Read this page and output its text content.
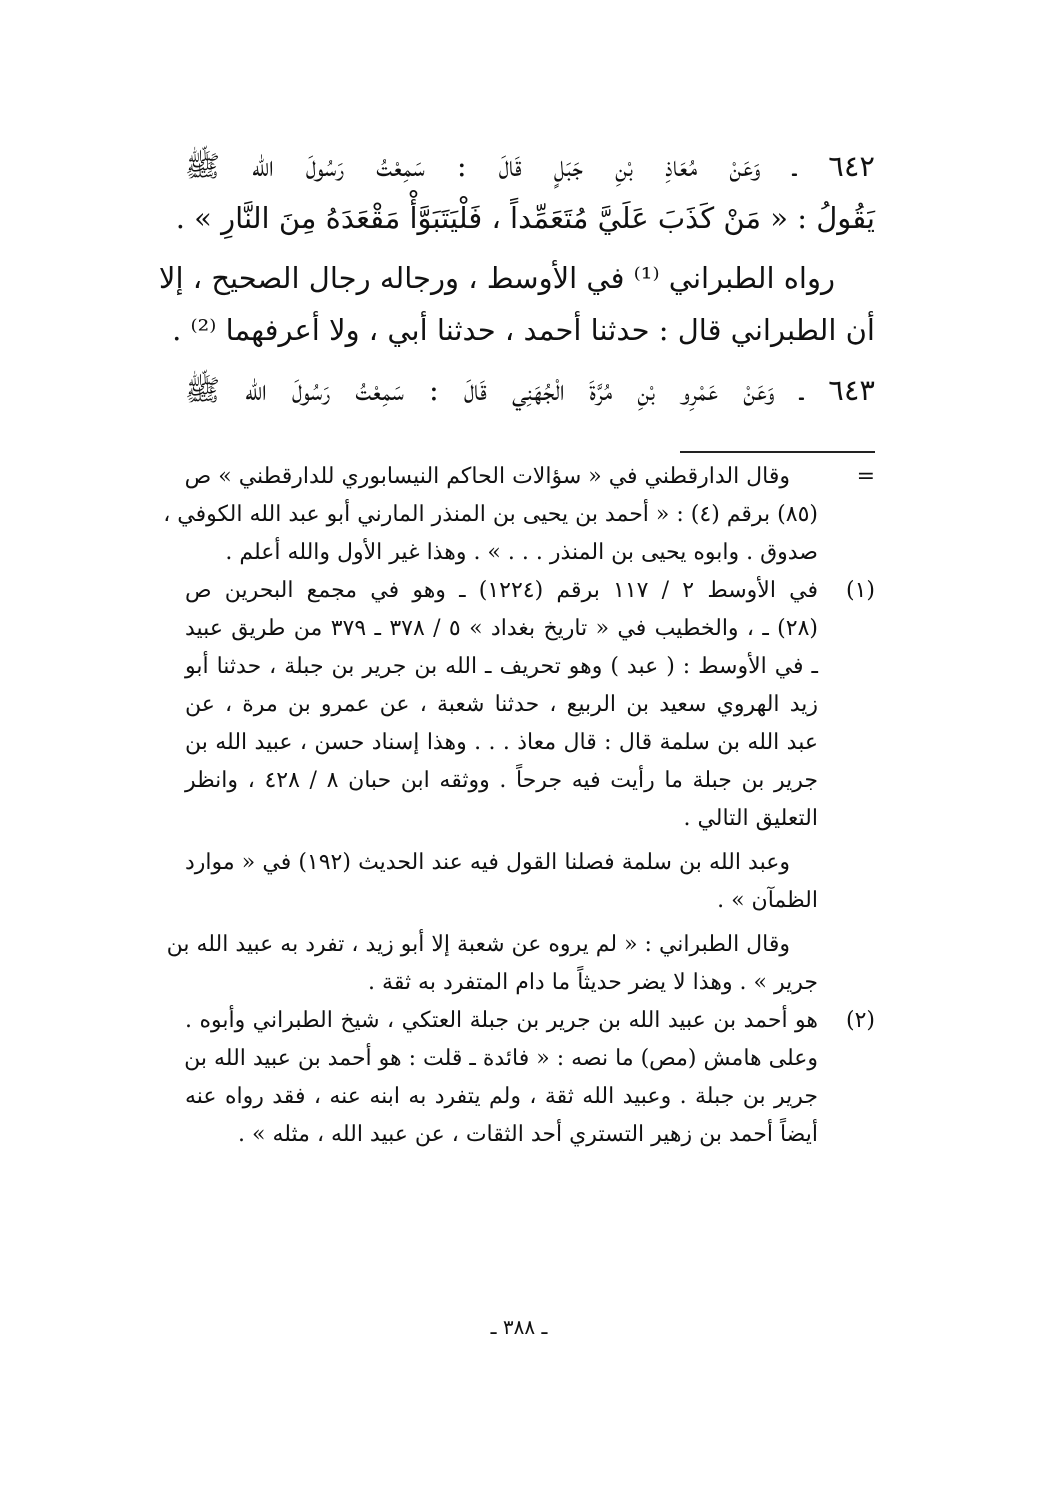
٦٤٢ ـ وَعَنْ مُعَاذِ بْنِ جَبَلٍ قَالَ : سَمِعْتُ رَسُولَ الله ﷺ
يَقُولُ : « مَنْ كَذَبَ عَلَيَّ مُتَعَمِّداً ، فَلْيَتَبَوَّأْ مَقْعَدَهُ مِنَ النَّارِ » .
رواه الطبراني ⁽¹⁾ في الأوسط ، ورجاله رجال الصحيح ، إلا
أن الطبراني قال : حدثنا أحمد ، حدثنا أبي ، ولا أعرفهما ⁽²⁾ .
٦٤٣ ـ وَعَنْ عَمْرِو بْنِ مُرَّةَ الْجُهَنِي قَالَ : سَمِعْتُ رَسُولَ الله ﷺ
=
وقال الدارقطني في « سؤالات الحاكم النيسابوري للدارقطني » ص
(٨٥) برقم (٤) : « أحمد بن يحيى بن المنذر المارني أبو عبد الله الكوفي ،
صدوق . وابوه يحيى بن المنذر . . . » . وهذا غير الأول والله أعلم .
(١)
في الأوسط ٢ / ١١٧ برقم (١٢٢٤) ـ وهو في مجمع البحرين ص
(٢٨) ـ ، والخطيب في « تاريخ بغداد » ٥ / ٣٧٨ ـ ٣٧٩ من طريق عبيد
ـ في الأوسط : ( عبد ) وهو تحريف ـ الله بن جرير بن جبلة ، حدثنا أبو
زيد الهروي سعيد بن الربيع ، حدثنا شعبة ، عن عمرو بن مرة ، عن
عبد الله بن سلمة قال : قال معاذ . . . وهذا إسناد حسن ، عبيد الله بن
جرير بن جبلة ما رأيت فيه جرحاً . ووثقه ابن حبان ٨ / ٤٢٨ ، وانظر
التعليق التالي .
وعبد الله بن سلمة فصلنا القول فيه عند الحديث (١٩٢) في « موارد
الظمآن » .
وقال الطبراني : « لم يروه عن شعبة إلا أبو زيد ، تفرد به عبيد الله بن
جرير » . وهذا لا يضر حديثاً ما دام المتفرد به ثقة .
(٢)
هو أحمد بن عبيد الله بن جرير بن جبلة العتكي ، شيخ الطبراني وأبوه .
وعلى هامش (مص) ما نصه : « فائدة ـ قلت : هو أحمد بن عبيد الله بن
جرير بن جبلة . وعبيد الله ثقة ، ولم يتفرد به ابنه عنه ، فقد رواه عنه
أيضاً أحمد بن زهير التستري أحد الثقات ، عن عبيد الله ، مثله » .
ـ ٣٨٨ ـ
